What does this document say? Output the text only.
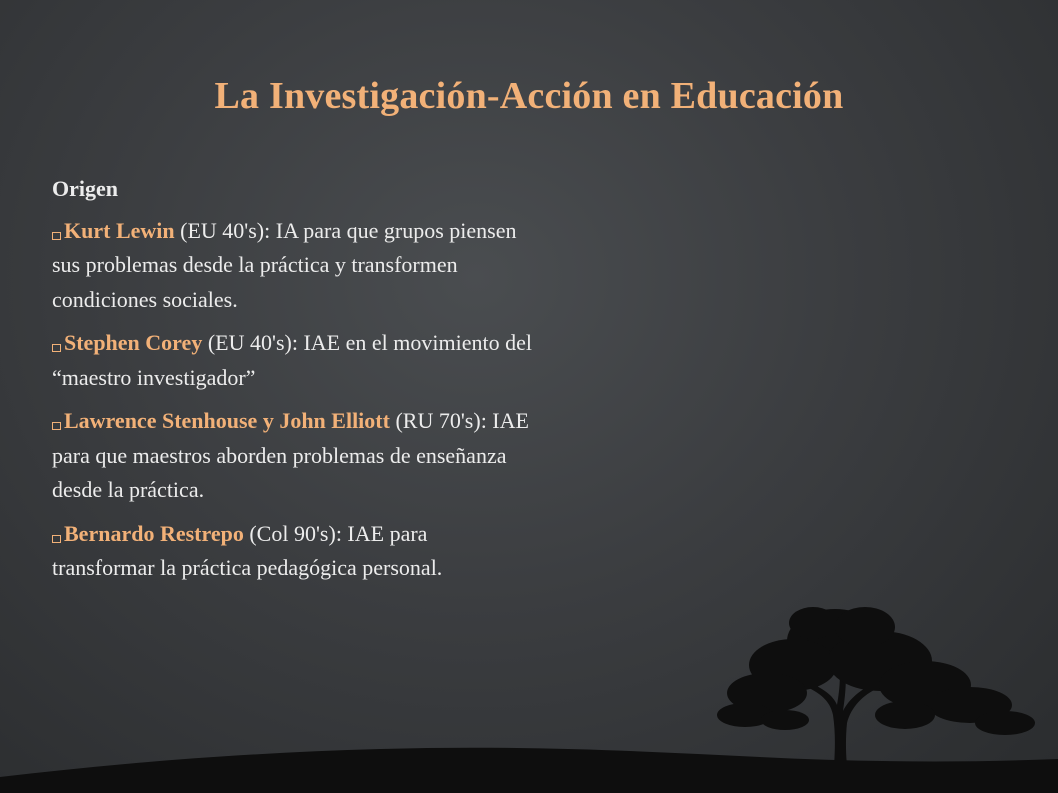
La Investigación-Acción en Educación
Origen
Kurt Lewin (EU 40's): IA para que grupos piensen sus problemas desde la práctica y transformen condiciones sociales.
Stephen Corey (EU 40's): IAE en el movimiento del “maestro investigador”
Lawrence Stenhouse y John Elliott (RU 70's): IAE para que maestros aborden problemas de enseñanza desde la práctica.
Bernardo Restrepo (Col 90's): IAE para transformar la práctica pedagógica personal.
